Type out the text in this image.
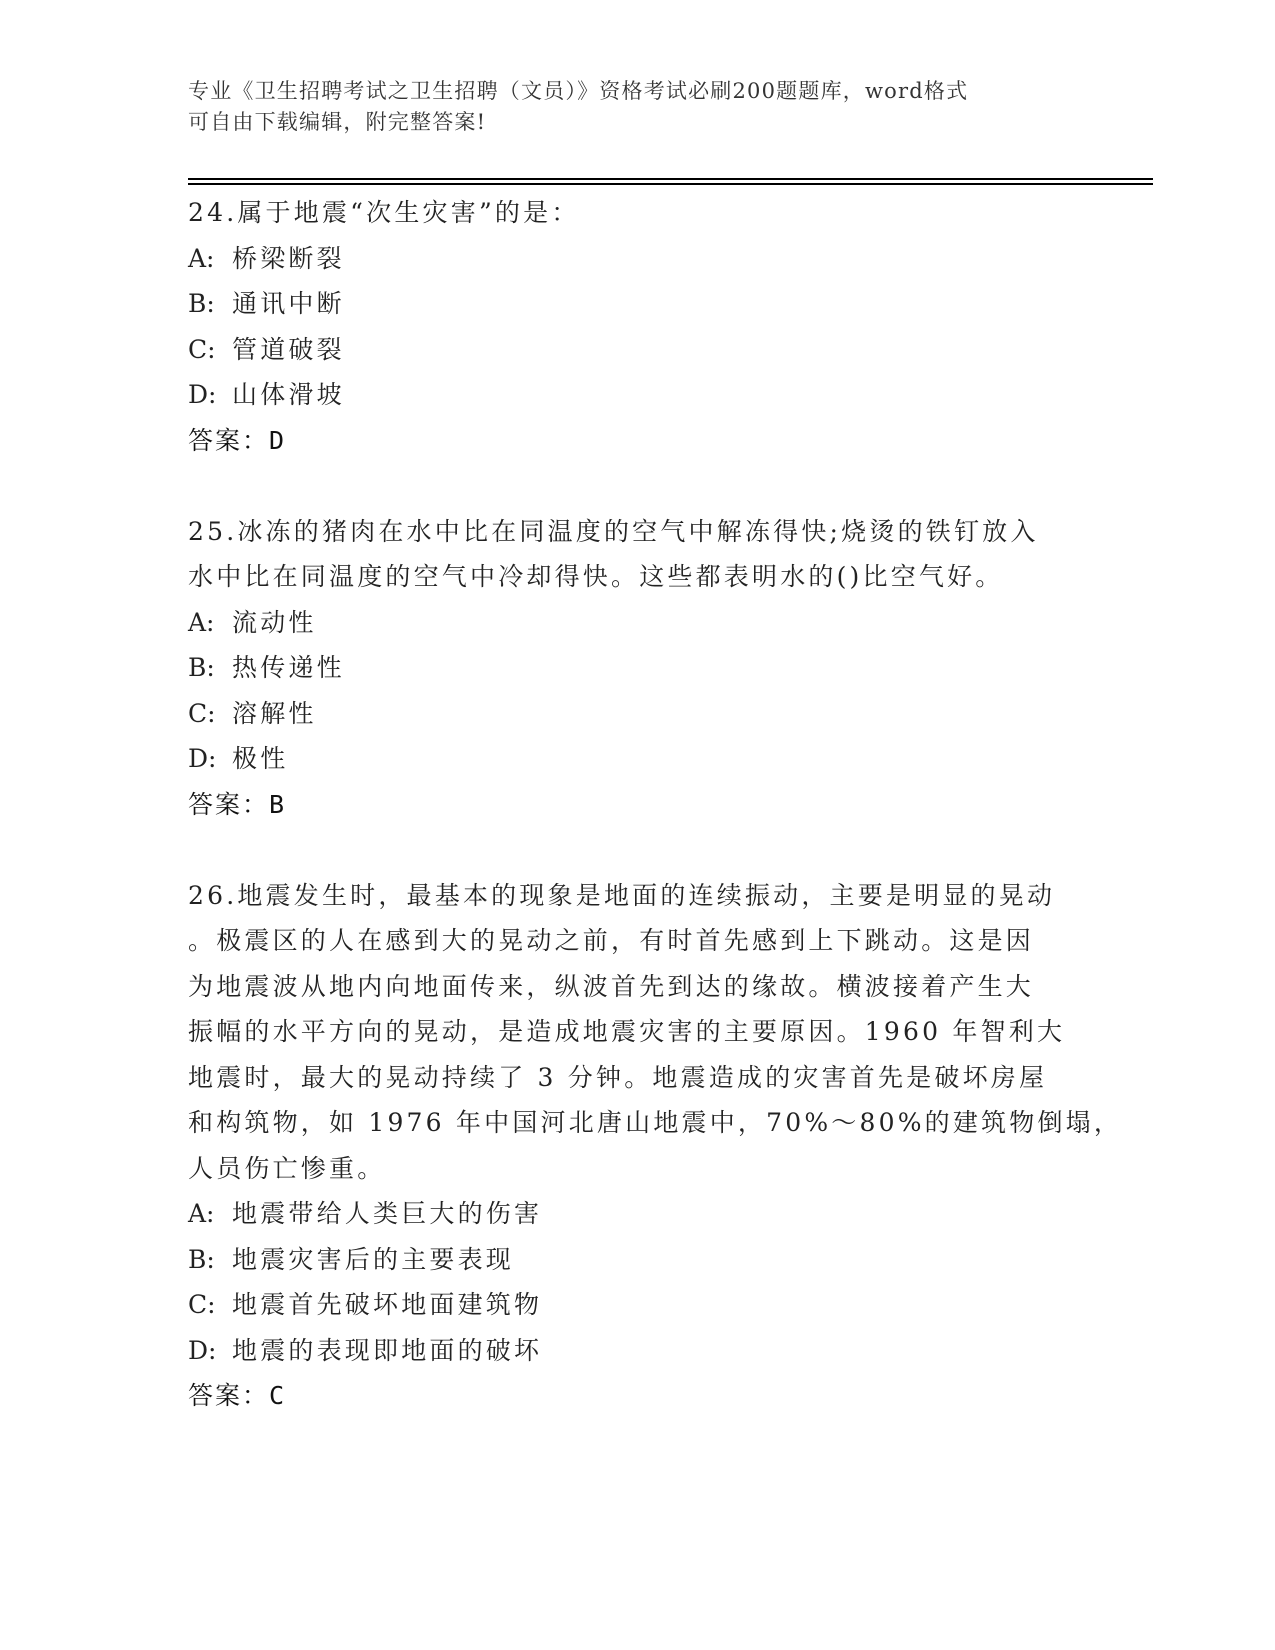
专业《卫生招聘考试之卫生招聘（文员）》资格考试必刷200题题库，word格式
可自由下载编辑，附完整答案!
24.属于地震“次生灾害”的是：
A: 桥梁断裂
B: 通讯中断
C: 管道破裂
D: 山体滑坡
答案：D
25.冰冻的猪肉在水中比在同温度的空气中解冻得快;烧烫的铁钉放入
水中比在同温度的空气中冷却得快。这些都表明水的()比空气好。
A: 流动性
B: 热传递性
C: 溶解性
D: 极性
答案：B
26.地震发生时，最基本的现象是地面的连续振动，主要是明显的晃动
。极震区的人在感到大的晃动之前，有时首先感到上下跳动。这是因
为地震波从地内向地面传来，纵波首先到达的缘故。横波接着产生大
振幅的水平方向的晃动，是造成地震灾害的主要原因。1960 年智利大
地震时，最大的晃动持续了 3 分钟。地震造成的灾害首先是破坏房屋
和构筑物，如 1976 年中国河北唐山地震中，70%～80%的建筑物倒塌，
人员伤亡惨重。
A: 地震带给人类巨大的伤害
B: 地震灾害后的主要表现
C: 地震首先破坏地面建筑物
D: 地震的表现即地面的破坏
答案：C
